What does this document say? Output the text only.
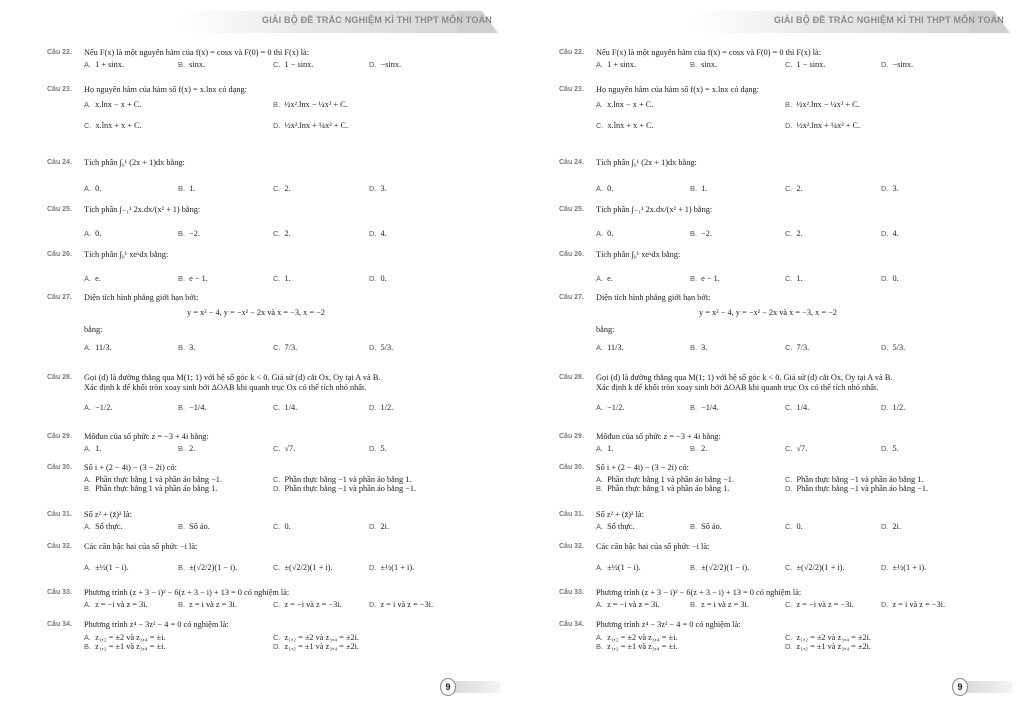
GIẢI BỘ ĐỀ TRẮC NGHIỆM KÌ THI THPT MÔN TOÁN
Câu 22. Nếu F(x) là một nguyên hàm của f(x) = cosx và F(0) = 0 thì F(x) là:
A. 1 + sinx.	B. sinx.	C. 1 − sinx.	D. −sinx.
Câu 23. Họ nguyên hàm của hàm số f(x) = x.lnx có dạng:
A. x.lnx − x + C.	B. ½x².lnx − ¼x² + C.
C. x.lnx + x + C.	D. ½x².lnx + ¼x² + C.
Câu 24. Tích phân ∫₀¹ (2x + 1)dx bằng:
A. 0.	B. 1.	C. 2.	D. 3.
Câu 25. Tích phân ∫₋₁¹ 2x.dx/(x² + 1) bằng:
A. 0.	B. −2.	C. 2.	D. 4.
Câu 26. Tích phân ∫₀¹ xeˣdx bằng:
A. e.	B. e − 1.	C. 1.	D. 0.
Câu 27. Diện tích hình phẳng giới hạn bởi:
y = x² − 4, y = −x² − 2x và x = −3, x = −2
bằng:
A. 11/3.	B. 3.	C. 7/3.	D. 5/3.
Câu 28. Gọi (d) là đường thẳng qua M(1; 1) với hệ số góc k < 0. Giả sử (d) cắt Ox, Oy tại A và B.
Xác định k để khối tròn xoay sinh bởi ΔOAB khi quanh trục Ox có thể tích nhỏ nhất.
A. −1/2.	B. −1/4.	C. 1/4.	D. 1/2.
Câu 29. Môđun của số phức z = −3 + 4i bằng:
A. 1.	B. 2.	C. √7.	D. 5.
Câu 30. Số i + (2 − 4i) − (3 − 2i) có:
A. Phần thực bằng 1 và phần ảo bằng −1.	C. Phần thực bằng −1 và phần ảo bằng 1.
B. Phần thực bằng 1 và phần ảo bằng 1.	D. Phần thực bằng −1 và phần ảo bằng −1.
Câu 31. Số z² + (z̄)² là:
A. Số thực.	B. Số ảo.	C. 0.	D. 2i.
Câu 32. Các căn bậc hai của số phức −i là:
A. ±½(1 − i).	B. ±(√2/2)(1 − i).	C. ±(√2/2)(1 + i).	D. ±½(1 + i).
Câu 33. Phương trình (z + 3 − i)² − 6(z + 3 − i) + 13 = 0 có nghiệm là:
A. z = −i và z = 3i.	B. z = i và z = 3i.	C. z = −i và z = −3i.	D. z = i và z = −3i.
Câu 34. Phương trình z⁴ − 3z² − 4 = 0 có nghiệm là:
A. z₁,₂ = ±2 và z₃,₄ = ±i.	C. z₁,₂ = ±2 và z₃,₄ = ±2i.
B. z₁,₂ = ±1 và z₃,₄ = ±i.	D. z₁,₂ = ±1 và z₃,₄ = ±2i.
9
GIẢI BỘ ĐỀ TRẮC NGHIỆM KÌ THI THPT MÔN TOÁN
Câu 22. Nếu F(x) là một nguyên hàm của f(x) = cosx và F(0) = 0 thì F(x) là:
A. 1 + sinx.	B. sinx.	C. 1 − sinx.	D. −sinx.
Câu 23. Họ nguyên hàm của hàm số f(x) = x.lnx có dạng:
A. x.lnx − x + C.	B. ½x².lnx − ¼x² + C.
C. x.lnx + x + C.	D. ½x².lnx + ¼x² + C.
Câu 24. Tích phân ∫₀¹ (2x + 1)dx bằng:
A. 0.	B. 1.	C. 2.	D. 3.
Câu 25. Tích phân ∫₋₁¹ 2x.dx/(x² + 1) bằng:
A. 0.	B. −2.	C. 2.	D. 4.
Câu 26. Tích phân ∫₀¹ xeˣdx bằng:
A. e.	B. e − 1.	C. 1.	D. 0.
Câu 27. Diện tích hình phẳng giới hạn bởi:
y = x² − 4, y = −x² − 2x và x = −3, x = −2
bằng:
A. 11/3.	B. 3.	C. 7/3.	D. 5/3.
Câu 28. Gọi (d) là đường thẳng qua M(1; 1) với hệ số góc k < 0. Giả sử (d) cắt Ox, Oy tại A và B.
Xác định k để khối tròn xoay sinh bởi ΔOAB khi quanh trục Ox có thể tích nhỏ nhất.
A. −1/2.	B. −1/4.	C. 1/4.	D. 1/2.
Câu 29. Môđun của số phức z = −3 + 4i bằng:
A. 1.	B. 2.	C. √7.	D. 5.
Câu 30. Số i + (2 − 4i) − (3 − 2i) có:
A. Phần thực bằng 1 và phần ảo bằng −1.	C. Phần thực bằng −1 và phần ảo bằng 1.
B. Phần thực bằng 1 và phần ảo bằng 1.	D. Phần thực bằng −1 và phần ảo bằng −1.
Câu 31. Số z² + (z̄)² là:
A. Số thực.	B. Số ảo.	C. 0.	D. 2i.
Câu 32. Các căn bậc hai của số phức −i là:
A. ±½(1 − i).	B. ±(√2/2)(1 − i).	C. ±(√2/2)(1 + i).	D. ±½(1 + i).
Câu 33. Phương trình (z + 3 − i)² − 6(z + 3 − i) + 13 = 0 có nghiệm là:
A. z = −i và z = 3i.	B. z = i và z = 3i.	C. z = −i và z = −3i.	D. z = i và z = −3i.
Câu 34. Phương trình z⁴ − 3z² − 4 = 0 có nghiệm là:
A. z₁,₂ = ±2 và z₃,₄ = ±i.	C. z₁,₂ = ±2 và z₃,₄ = ±2i.
B. z₁,₂ = ±1 và z₃,₄ = ±i.	D. z₁,₂ = ±1 và z₃,₄ = ±2i.
9
